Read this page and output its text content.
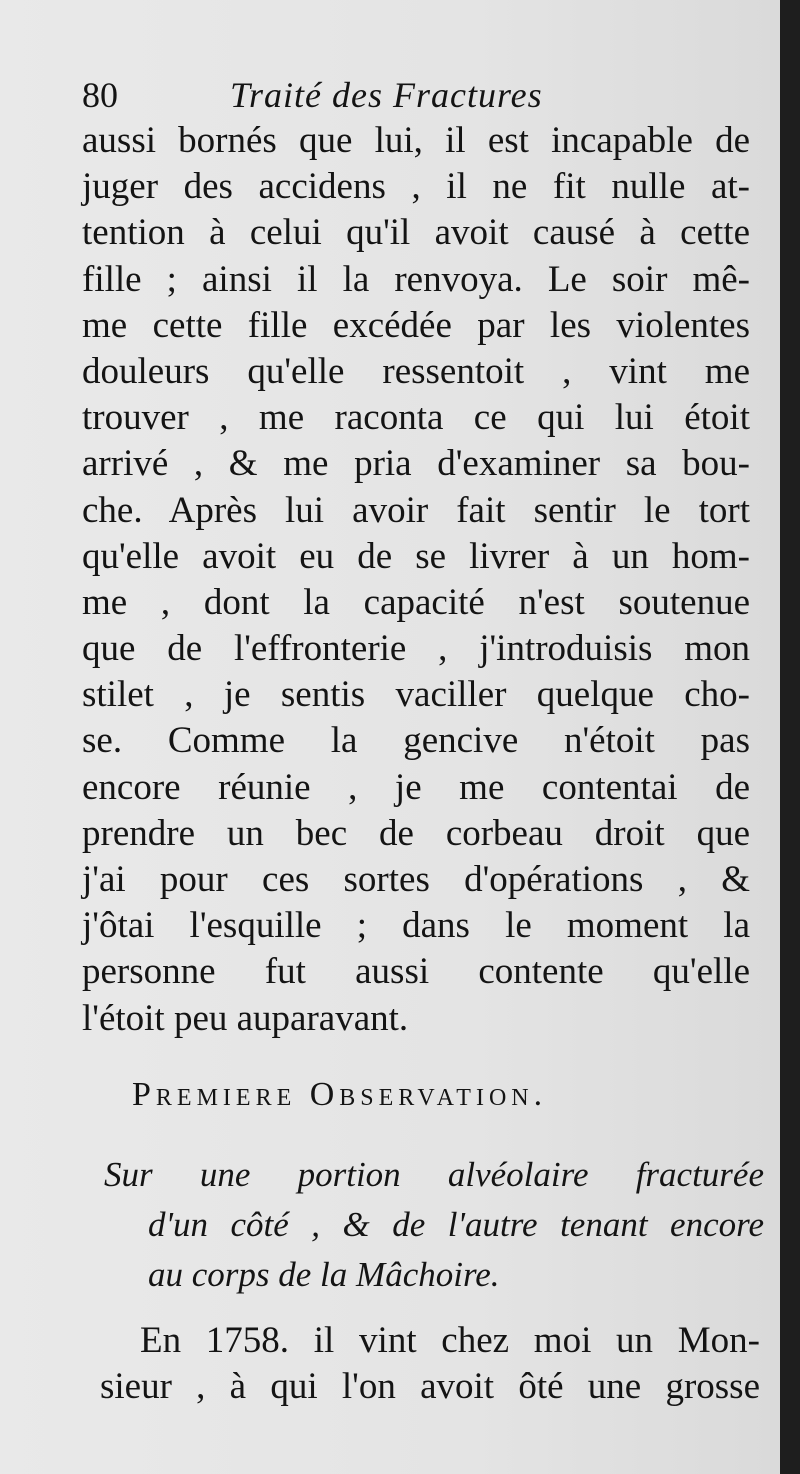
80	Traité des Fractures
aussi bornés que lui, il est incapable de
juger des accidens , il ne fit nulle at-
tention à celui qu'il avoit causé à cette
fille ; ainsi il la renvoya. Le soir mê-
me cette fille excédée par les violentes
douleurs qu'elle ressentoit , vint me
trouver , me raconta ce qui lui étoit
arrivé , & me pria d'examiner sa bou-
che. Après lui avoir fait sentir le tort
qu'elle avoit eu de se livrer à un hom-
me , dont la capacité n'est soutenue
que de l'effronterie , j'introduisis mon
stilet , je sentis vaciller quelque cho-
se. Comme la gencive n'étoit pas
encore réunie , je me contentai de
prendre un bec de corbeau droit que
j'ai pour ces sortes d'opérations , &
j'ôtai l'esquille ; dans le moment la
personne fut aussi contente qu'elle
l'étoit peu auparavant.
Premiere Observation.
Sur une portion alvéolaire fracturée
d'un côté , & de l'autre tenant encore
au corps de la Mâchoire.
En 1758. il vint chez moi un Mon-
sieur , à qui l'on avoit ôté une grosse
